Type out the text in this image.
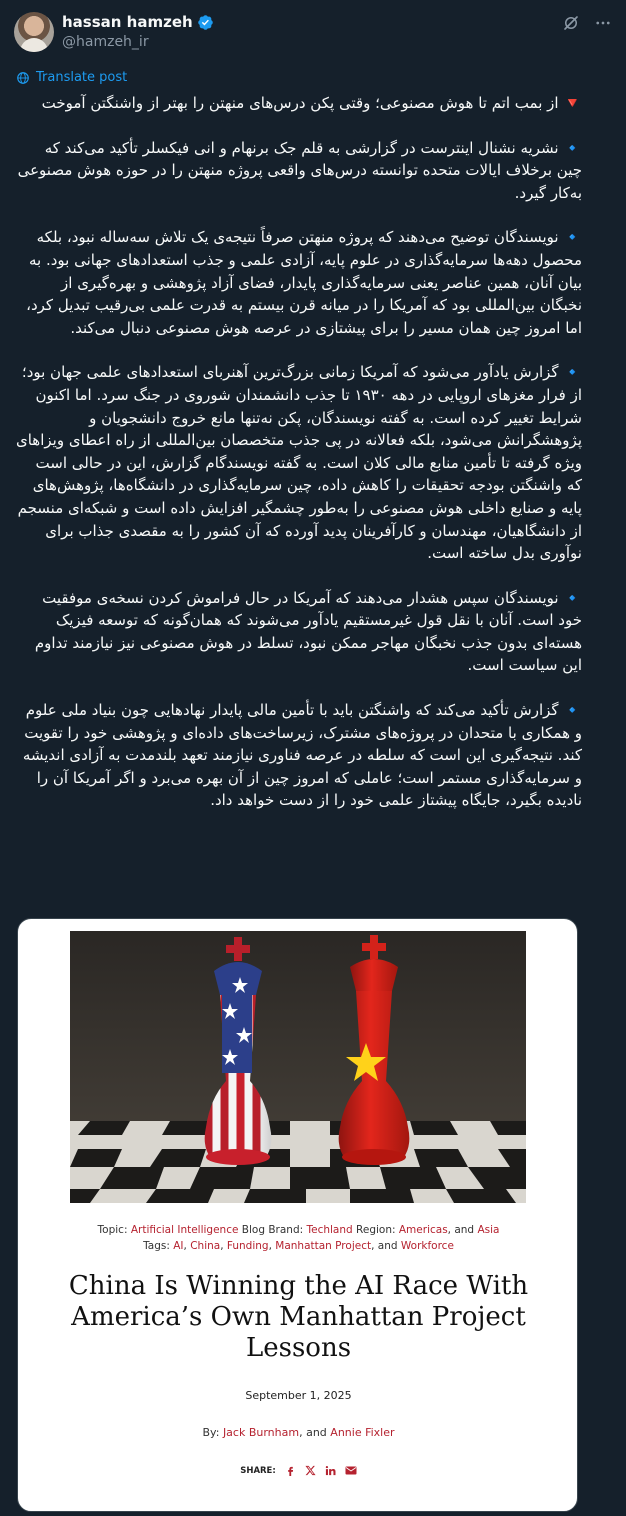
hassan hamzeh
@hamzeh_ir
Translate post

🔻 از بمب اتم تا هوش مصنوعی؛ وقتی پکن درس‌های منهتن را بهتر از واشنگتن آموخت

🔹 نشریه نشنال اینترست در گزارشی به قلم جک برنهام و انی فیکسلر تأکید می‌کند که چین برخلاف ایالات متحده توانسته درس‌های واقعی پروژه منهتن را در حوزه هوش مصنوعی به‌کار گیرد.

🔹 نویسندگان توضیح می‌دهند که پروژه منهتن صرفاً نتیجه‌ی یک تلاش سه‌ساله نبود، بلکه محصول دهه‌ها سرمایه‌گذاری در علوم پایه، آزادی علمی و جذب استعدادهای جهانی بود. به بیان آنان، همین عناصر یعنی سرمایه‌گذاری پایدار، فضای آزاد پژوهشی و بهره‌گیری از نخبگان بین‌المللی بود که آمریکا را در میانه قرن بیستم به قدرت علمی بی‌رقیب تبدیل کرد، اما امروز چین همان مسیر را برای پیشتازی در عرصه هوش مصنوعی دنبال می‌کند.

🔹 گزارش یادآور می‌شود که آمریکا زمانی بزرگ‌ترین آهنربای استعدادهای علمی جهان بود؛ از فرار مغزهای اروپایی در دهه ۱۹۳۰ تا جذب دانشمندان شوروی در جنگ سرد. اما اکنون شرایط تغییر کرده است. به گفته نویسندگان، پکن نه‌تنها مانع خروج دانشجویان و پژوهشگرانش می‌شود، بلکه فعالانه در پی جذب متخصصان بین‌المللی از راه اعطای ویزاهای ویژه گرفته تا تأمین منابع مالی کلان است. به گفته نویسندگام گزارش، این در حالی است که واشنگتن بودجه تحقیقات را کاهش داده، چین سرمایه‌گذاری در دانشگاه‌ها، پژوهش‌های پایه و صنایع داخلی هوش مصنوعی را به‌طور چشمگیر افزایش داده است و شبکه‌ای منسجم از دانشگاهیان، مهندسان و کارآفرینان پدید آورده که آن کشور را به مقصدی جذاب برای نوآوری بدل ساخته است.

🔹 نویسندگان سپس هشدار می‌دهند که آمریکا در حال فراموش کردن نسخه‌ی موفقیت خود است. آنان با نقل قول غیرمستقیم یادآور می‌شوند که همان‌گونه که توسعه فیزیک هسته‌ای بدون جذب نخبگان مهاجر ممکن نبود، تسلط در هوش مصنوعی نیز نیازمند تداوم این سیاست است.

🔹 گزارش تأکید می‌کند که واشنگتن باید با تأمین مالی پایدار نهادهایی چون بنیاد ملی علوم و همکاری با متحدان در پروژه‌های مشترک، زیرساخت‌های داده‌ای و پژوهشی خود را تقویت کند. نتیجه‌گیری این است که سلطه در عرصه فناوری نیازمند تعهد بلندمدت به آزادی اندیشه و سرمایه‌گذاری مستمر است؛ عاملی که امروز چین از آن بهره می‌برد و اگر آمریکا آن را نادیده بگیرد، جایگاه پیشتاز علمی خود را از دست خواهد داد.

Topic: Artificial Intelligence Blog Brand: Techland Region: Americas, and Asia
Tags: AI, China, Funding, Manhattan Project, and Workforce
China Is Winning the AI Race With America’s Own Manhattan Project Lessons
September 1, 2025
By: Jack Burnham, and Annie Fixler
SHARE:
